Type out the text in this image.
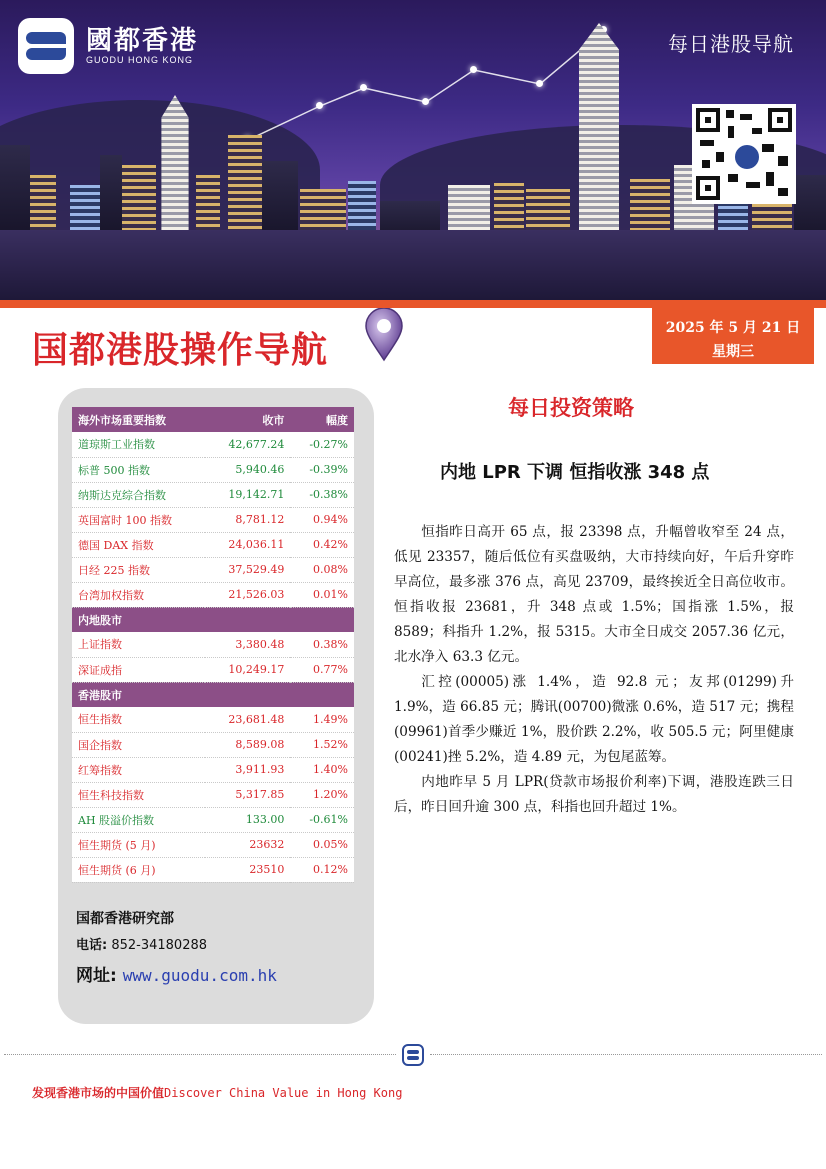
國都香港
GUODU HONG KONG
每日港股导航
国都港股操作导航
2025 年 5 月 21 日
星期三
海外市场重要指数	收市	幅度
道琼斯工业指数	42,677.24	-0.27%
标普 500 指数	5,940.46	-0.39%
纳斯达克综合指数	19,142.71	-0.38%
英国富时 100 指数	8,781.12	0.94%
德国 DAX 指数	24,036.11	0.42%
日经 225 指数	37,529.49	0.08%
台湾加权指数	21,526.03	0.01%
内地股市		
上证指数	3,380.48	0.38%
深证成指	10,249.17	0.77%
香港股市		
恒生指数	23,681.48	1.49%
国企指数	8,589.08	1.52%
红筹指数	3,911.93	1.40%
恒生科技指数	5,317.85	1.20%
AH 股溢价指数	133.00	-0.61%
恒生期货 (5 月)	23632	0.05%
恒生期货 (6 月)	23510	0.12%
国都香港研究部
电话: 852-34180288
网址: www.guodu.com.hk
每日投资策略
内地 LPR 下调 恒指收涨 348 点

恒指昨日高开 65 点，报 23398 点，升幅曾收窄至 24 点，低见 23357，随后低位有买盘吸纳，大市持续向好，午后升穿昨早高位，最多涨 376 点，高见 23709，最终挨近全日高位收市。恒指收报 23681，升 348 点或 1.5%；国指涨 1.5%，报 8589；科指升 1.2%，报 5315。大市全日成交 2057.36 亿元，北水净入 63.3 亿元。

汇控(00005)涨 1.4%，造 92.8 元；友邦(01299)升 1.9%，造 66.85 元；腾讯(00700)微涨 0.6%，造 517 元；携程(09961)首季少赚近 1%，股价跌 2.2%，收 505.5 元；阿里健康(00241)挫 5.2%，造 4.89 元，为包尾蓝筹。

内地昨早 5 月 LPR(贷款市场报价利率)下调，港股连跌三日后，昨日回升逾 300 点，科指也回升超过 1%。

发现香港市场的中国价值Discover China Value in Hong Kong
